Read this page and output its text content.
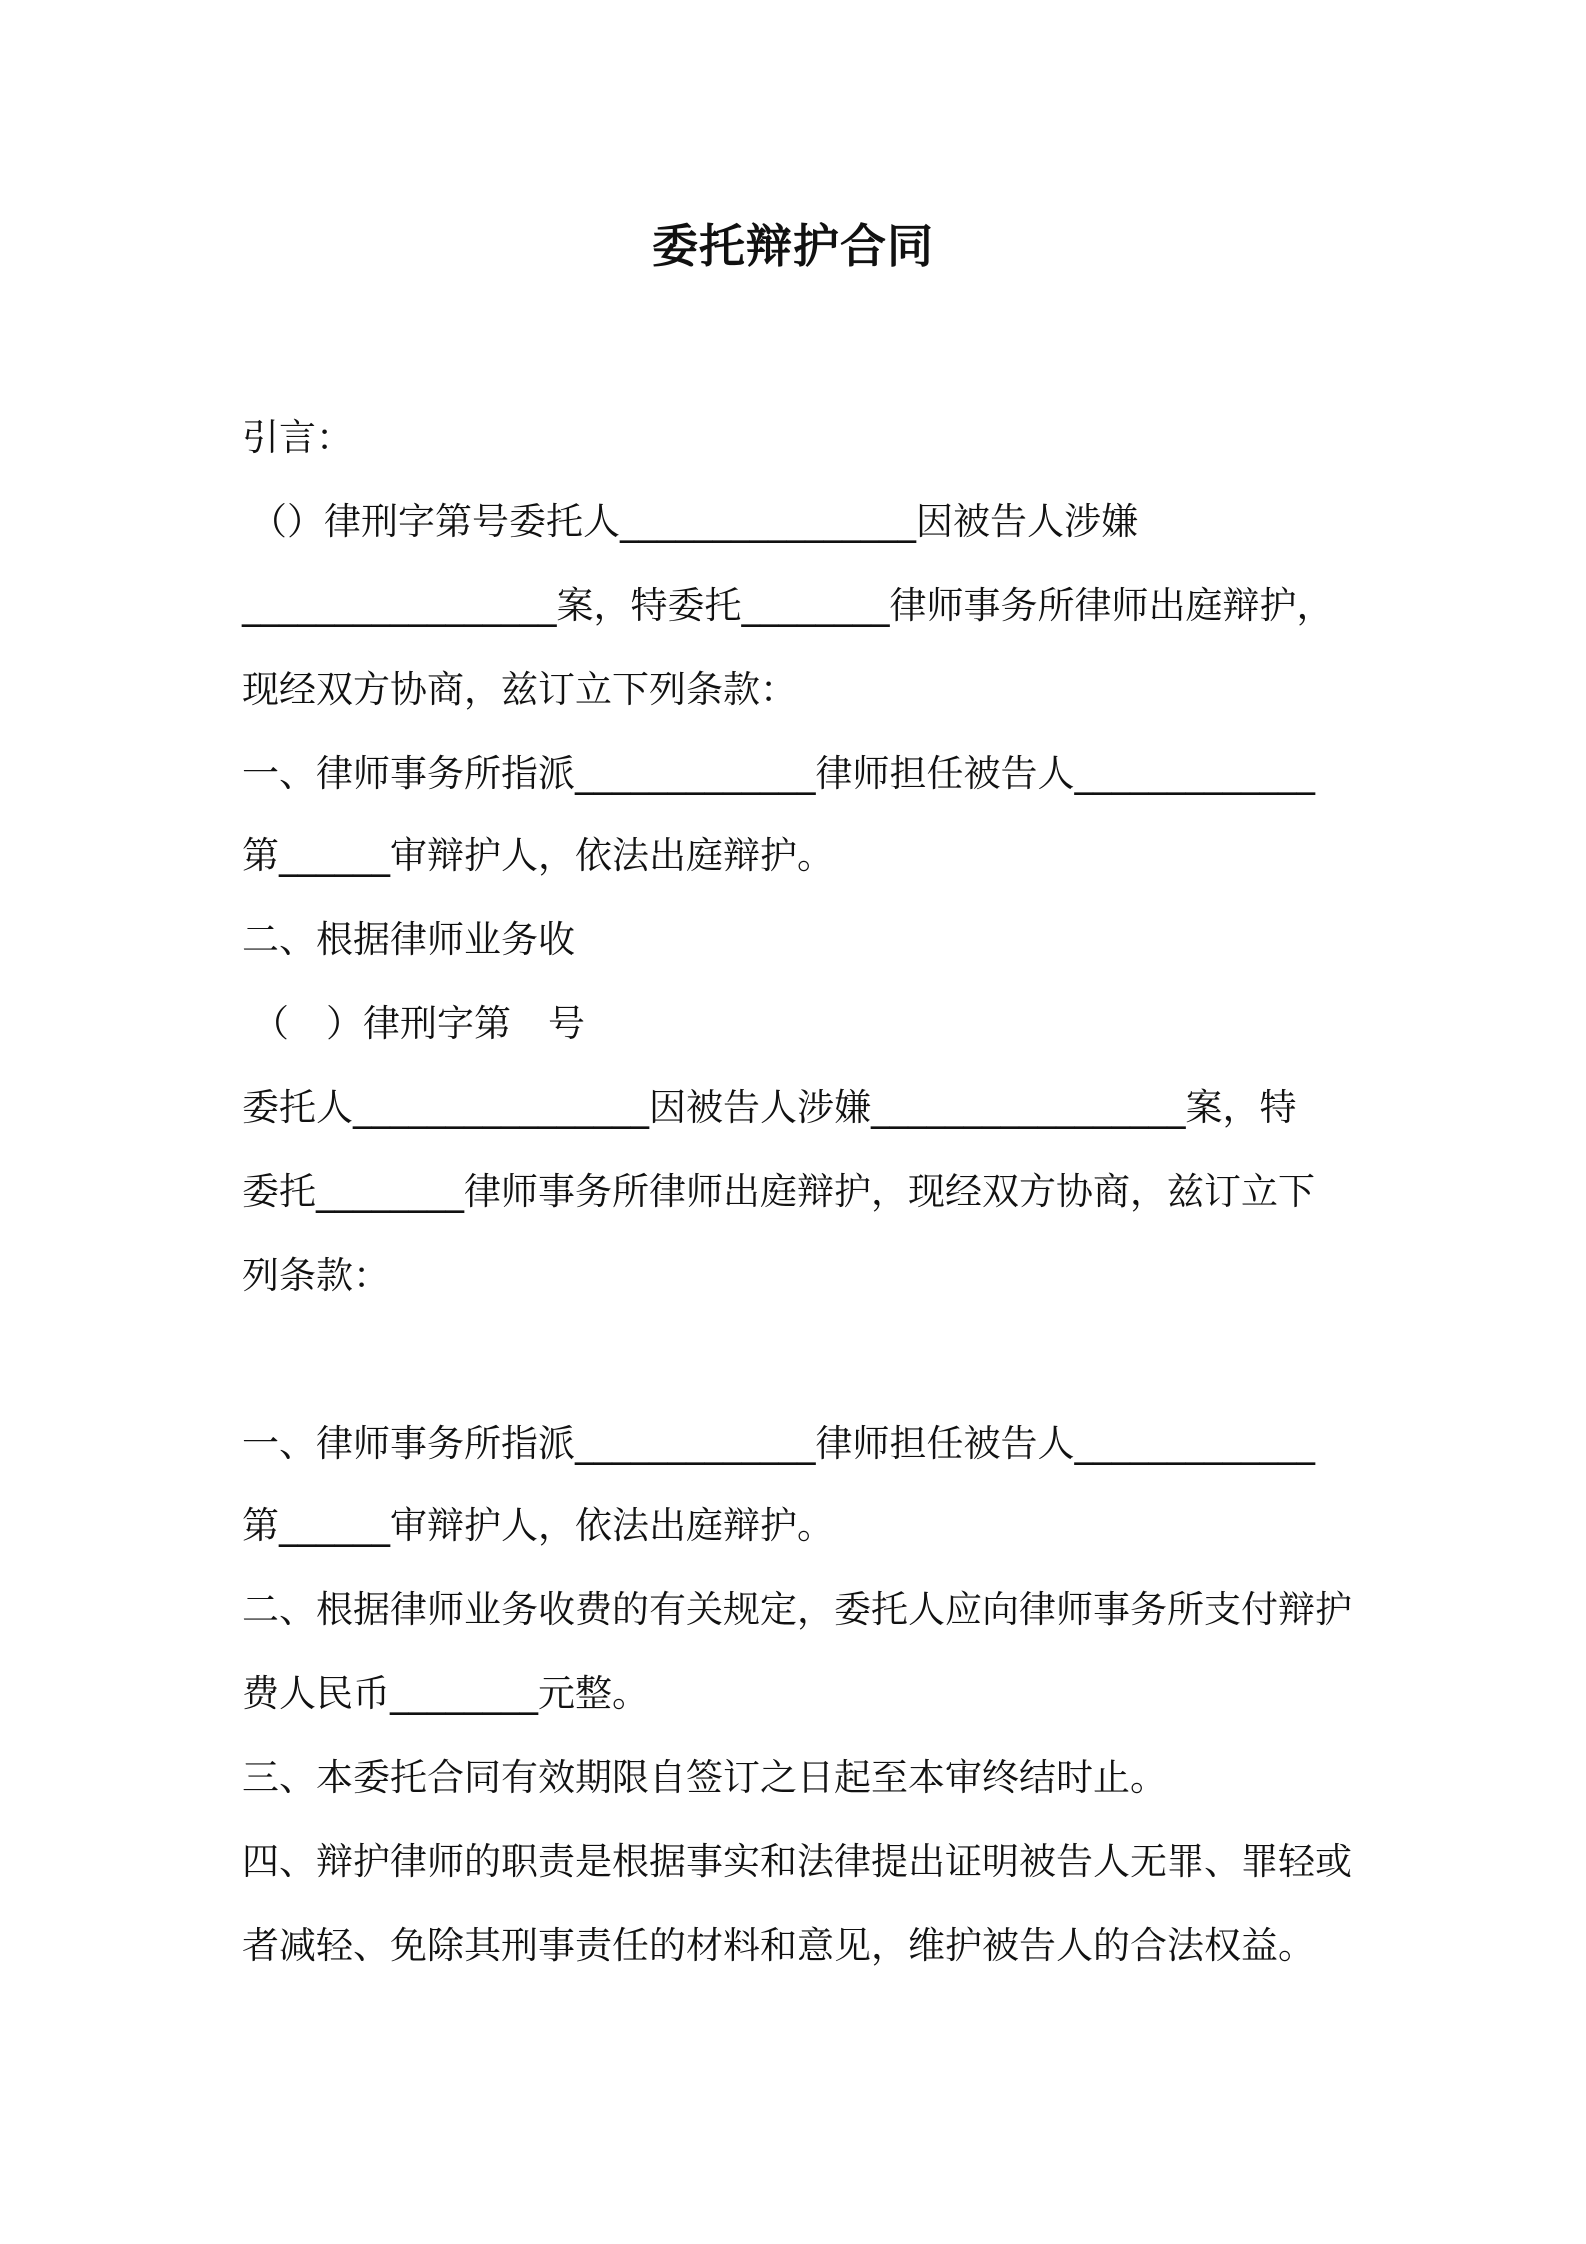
委托辩护合同
引言：
（）律刑字第号委托人________________因被告人涉嫌
_________________案，特委托________律师事务所律师出庭辩护，
现经双方协商，兹订立下列条款：
一、律师事务所指派_____________律师担任被告人_____________
第______审辩护人，依法出庭辩护。
二、根据律师业务收
（　）律刑字第　号
委托人________________因被告人涉嫌_________________案，特
委托________律师事务所律师出庭辩护，现经双方协商，兹订立下
列条款：
一、律师事务所指派_____________律师担任被告人_____________
第______审辩护人，依法出庭辩护。
二、根据律师业务收费的有关规定，委托人应向律师事务所支付辩护
费人民币________元整。
三、本委托合同有效期限自签订之日起至本审终结时止。
四、辩护律师的职责是根据事实和法律提出证明被告人无罪、罪轻或
者减轻、免除其刑事责任的材料和意见，维护被告人的合法权益。
